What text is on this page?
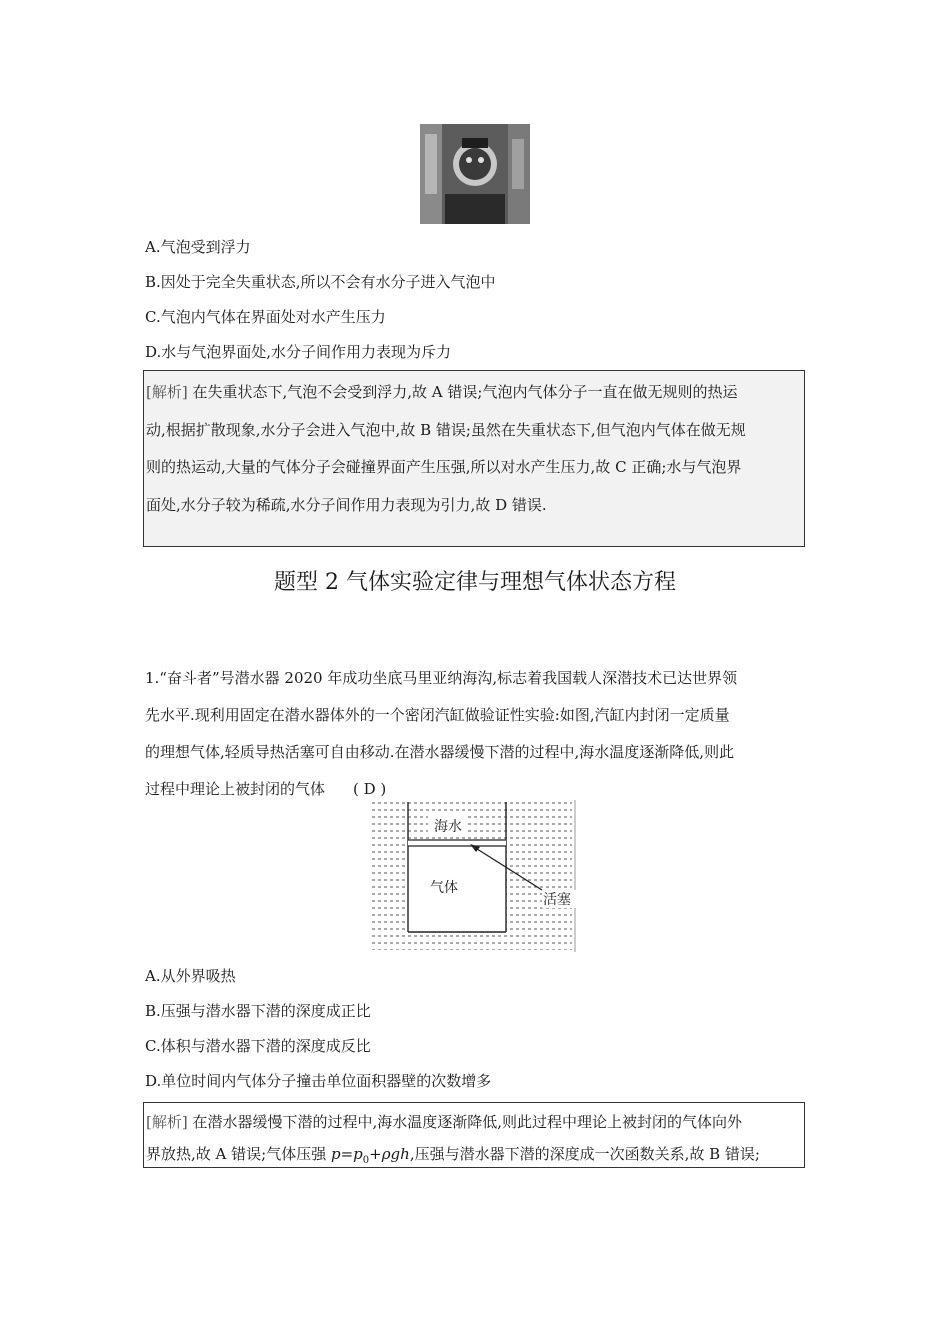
A.气泡受到浮力
B.因处于完全失重状态,所以不会有水分子进入气泡中
C.气泡内气体在界面处对水产生压力
D.水与气泡界面处,水分子间作用力表现为斥力

[解析] 在失重状态下,气泡不会受到浮力,故 A 错误;气泡内气体分子一直在做无规则的热运

动,根据扩散现象,水分子会进入气泡中,故 B 错误;虽然在失重状态下,但气泡内气体在做无规

则的热运动,大量的气体分子会碰撞界面产生压强,所以对水产生压力,故 C 正确;水与气泡界

面处,水分子较为稀疏,水分子间作用力表现为引力,故 D 错误.

题型 2 气体实验定律与理想气体状态方程

1.“奋斗者”号潜水器 2020 年成功坐底马里亚纳海沟,标志着我国载人深潜技术已达世界领

先水平.现利用固定在潜水器体外的一个密闭汽缸做验证性实验:如图,汽缸内封闭一定质量

的理想气体,轻质导热活塞可自由移动.在潜水器缓慢下潜的过程中,海水温度逐渐降低,则此

过程中理论上被封闭的气体 ( D )

海水
气体
活塞
A.从外界吸热
B.压强与潜水器下潜的深度成正比
C.体积与潜水器下潜的深度成反比
D.单位时间内气体分子撞击单位面积器壁的次数增多

[解析] 在潜水器缓慢下潜的过程中,海水温度逐渐降低,则此过程中理论上被封闭的气体向外

界放热,故 A 错误;气体压强 $p=p_0+\rho gh$,压强与潜水器下潜的深度成一次函数关系,故 B 错误;
